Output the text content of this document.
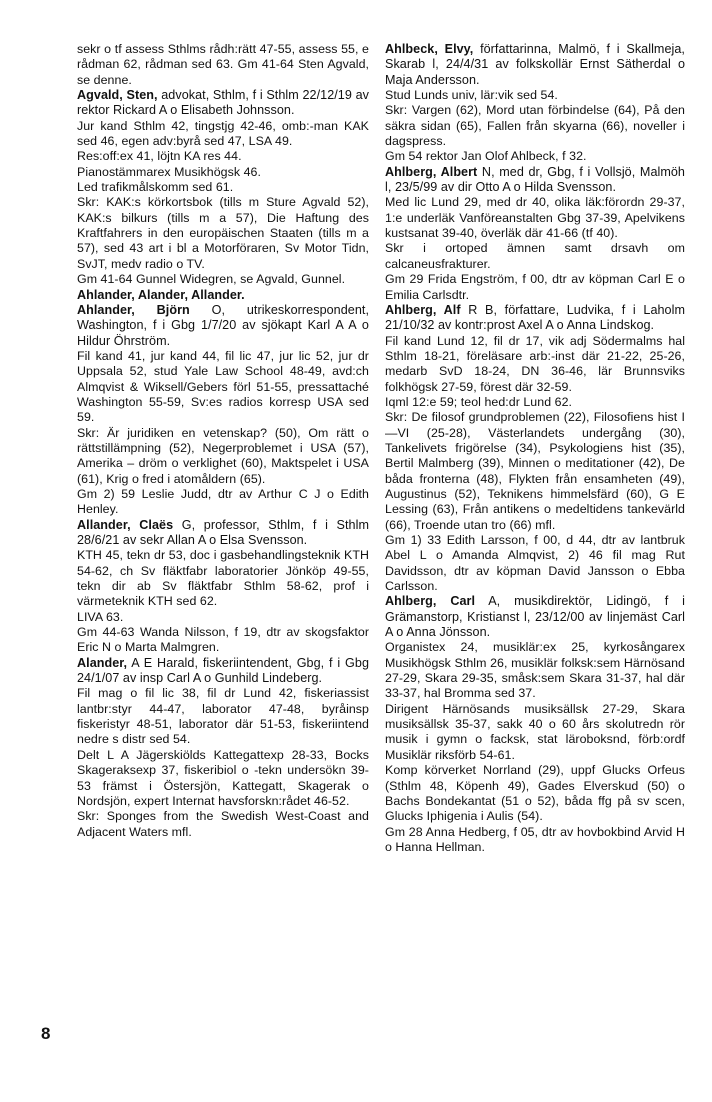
sekr o tf assess Sthlms rådh:rätt 47-55, assess 55, e rådman 62, rådman sed 63. Gm 41-64 Sten Agvald, se denne.

Agvald, Sten, advokat, Sthlm, f i Sthlm 22/12/19 av rektor Rickard A o Elisabeth Johnsson.

Jur kand Sthlm 42, tingstjg 42-46, omb:-man KAK sed 46, egen adv:byrå sed 47, LSA 49.

Res:off:ex 41, löjtn KA res 44.

Pianostämmarex Musikhögsk 46.

Led trafikmålskomm sed 61.

Skr: KAK:s körkortsbok (tills m Sture Agvald 52), KAK:s bilkurs (tills m a 57), Die Haftung des Kraftfahrers in den europäischen Staaten (tills m a 57), sed 43 art i bl a Motorföraren, Sv Motor Tidn, SvJT, medv radio o TV.

Gm 41-64 Gunnel Widegren, se Agvald, Gunnel.

Ahlander, Alander, Allander.

Ahlander, Björn O, utrikeskorrespondent, Washington, f i Gbg 1/7/20 av sjökapt Karl A A o Hildur Öhrström.

Fil kand 41, jur kand 44, fil lic 47, jur lic 52, jur dr Uppsala 52, stud Yale Law School 48-49, avd:ch Almqvist & Wiksell/Gebers förl 51-55, pressattaché Washington 55-59, Sv:es radios korresp USA sed 59.

Skr: Är juridiken en vetenskap? (50), Om rätt o rättstillämpning (52), Negerproblemet i USA (57), Amerika – dröm o verklighet (60), Maktspelet i USA (61), Krig o fred i atomåldern (65).

Gm 2) 59 Leslie Judd, dtr av Arthur C J o Edith Henley.

Allander, Claës G, professor, Sthlm, f i Sthlm 28/6/21 av sekr Allan A o Elsa Svensson.

KTH 45, tekn dr 53, doc i gasbehandlingsteknik KTH 54-62, ch Sv fläktfabr laboratorier Jönköp 49-55, tekn dir ab Sv fläktfabr Sthlm 58-62, prof i värmeteknik KTH sed 62.

LIVA 63.

Gm 44-63 Wanda Nilsson, f 19, dtr av skogsfaktor Eric N o Marta Malmgren.

Alander, A E Harald, fiskeriintendent, Gbg, f i Gbg 24/1/07 av insp Carl A o Gunhild Lindeberg.

Fil mag o fil lic 38, fil dr Lund 42, fiskeriassist lantbr:styr 44-47, laborator 47-48, byråinsp fiskeristyr 48-51, laborator där 51-53, fiskeriintend nedre s distr sed 54.

Delt L A Jägerskiölds Kattegattexp 28-33, Bocks Skageraksexp 37, fiskeribiol o -tekn undersökn 39-53 främst i Östersjön, Kattegatt, Skagerak o Nordsjön, expert Internat havsforskn:rådet 46-52.

Skr: Sponges from the Swedish West-Coast and Adjacent Waters mfl.

Ahlbeck, Elvy, författarinna, Malmö, f i Skallmeja, Skarab l, 24/4/31 av folkskollär Ernst Sätherdal o Maja Andersson.

Stud Lunds univ, lär:vik sed 54.

Skr: Vargen (62), Mord utan förbindelse (64), På den säkra sidan (65), Fallen från skyarna (66), noveller i dagspress.

Gm 54 rektor Jan Olof Ahlbeck, f 32.

Ahlberg, Albert N, med dr, Gbg, f i Vollsjö, Malmöh l, 23/5/99 av dir Otto A o Hilda Svensson.

Med lic Lund 29, med dr 40, olika läk:förordn 29-37, 1:e underläk Vanföreanstalten Gbg 37-39, Apelvikens kustsanat 39-40, överläk där 41-66 (tf 40).

Skr i ortoped ämnen samt drsavh om calcaneusfrakturer.

Gm 29 Frida Engström, f 00, dtr av köpman Carl E o Emilia Carlsdtr.

Ahlberg, Alf R B, författare, Ludvika, f i Laholm 21/10/32 av kontr:prost Axel A o Anna Lindskog.

Fil kand Lund 12, fil dr 17, vik adj Södermalms hal Sthlm 18-21, föreläsare arb:-inst där 21-22, 25-26, medarb SvD 18-24, DN 36-46, lär Brunnsviks folkhögsk 27-59, förest där 32-59.

Iqml 12:e 59; teol hed:dr Lund 62.

Skr: De filosof grundproblemen (22), Filosofiens hist I—VI (25-28), Västerlandets undergång (30), Tankelivets frigörelse (34), Psykologiens hist (35), Bertil Malmberg (39), Minnen o meditationer (42), De båda fronterna (48), Flykten från ensamheten (49), Augustinus (52), Teknikens himmelsfärd (60), G E Lessing (63), Från antikens o medeltidens tankevärld (66), Troende utan tro (66) mfl.

Gm 1) 33 Edith Larsson, f 00, d 44, dtr av lantbruk Abel L o Amanda Almqvist, 2) 46 fil mag Rut Davidsson, dtr av köpman David Jansson o Ebba Carlsson.

Ahlberg, Carl A, musikdirektör, Lidingö, f i Grämanstorp, Kristianst l, 23/12/00 av linjemäst Carl A o Anna Jönsson.

Organistex 24, musiklär:ex 25, kyrkosångarex Musikhögsk Sthlm 26, musiklär folksk:sem Härnösand 27-29, Skara 29-35, småsk:sem Skara 31-37, hal där 33-37, hal Bromma sed 37.

Dirigent Härnösands musiksällsk 27-29, Skara musiksällsk 35-37, sakk 40 o 60 års skolutredn rör musik i gymn o facksk, stat läroboksnd, förb:ordf Musiklär riksförb 54-61.

Komp körverket Norrland (29), uppf Glucks Orfeus (Sthlm 48, Köpenh 49), Gades Elverskud (50) o Bachs Bondekantat (51 o 52), båda ffg på sv scen, Glucks Iphigenia i Aulis (54).

Gm 28 Anna Hedberg, f 05, dtr av hovbokbind Arvid H o Hanna Hellman.

8
